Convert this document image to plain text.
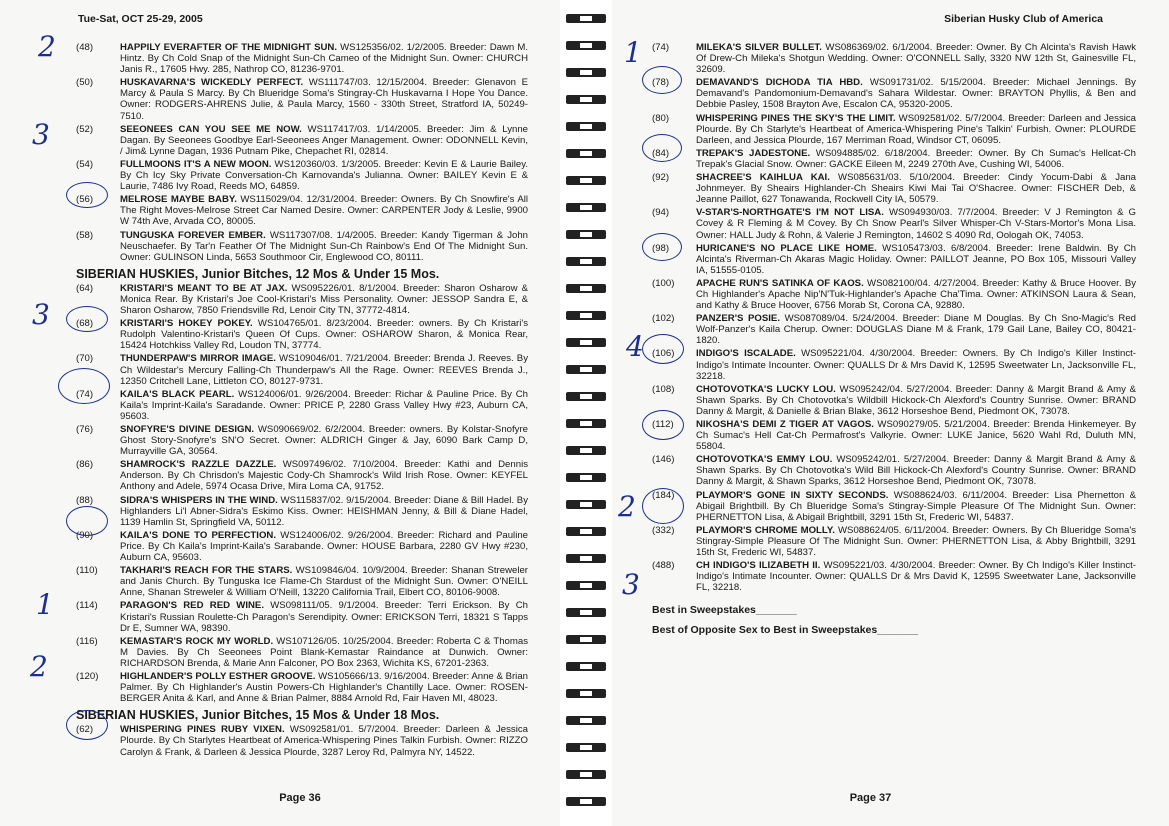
Tue-Sat, OCT 25-29, 2005
(48)	HAPPILY EVERAFTER OF THE MIDNIGHT SUN. WS125356/02. 1/2/2005. Breeder: Dawn M. Hintz. By Ch Cold Snap of the Midnight Sun-Ch Cameo of the Midnight Sun. Owner: CHURCH Janis R., 17605 Hwy. 285, Nathrop CO, 81236-9701.
(50)	HUSKAVARNA'S WICKEDLY PERFECT. WS111747/03. 12/15/2004. Breeder: Glenavon E Marcy & Paula S Marcy. By Ch Blueridge Soma's Stingray-Ch Huskavarna I Hope You Dance. Owner: RODGERS-AHRENS Julie, & Paula Marcy, 1560 - 330th Street, Stratford IA, 50249-7510.
(52)	SEEONEES CAN YOU SEE ME NOW. WS117417/03. 1/14/2005. Breeder: Jim & Lynne Dagan. By Seeonees Goodbye Earl-Seeonees Anger Management. Owner: ODONNELL Kevin, / Jim& Lynne Dagan, 1936 Putnam Pike, Chepachet RI, 02814.
(54)	FULLMOONS IT'S A NEW MOON. WS120360/03. 1/3/2005. Breeder: Kevin E & Laurie Bailey. By Ch Icy Sky Private Conversation-Ch Karnovanda's Julianna. Owner: BAILEY Kevin E & Laurie, 7486 Ivy Road, Reeds MO, 64859.
(56)	MELROSE MAYBE BABY. WS115029/04. 12/31/2004. Breeder: Owners. By Ch Snowfire's All The Right Moves-Melrose Street Car Named Desire. Owner: CARPENTER Jody & Leslie, 9900 W 74th Ave, Arvada CO, 80005.
(58)	TUNGUSKA FOREVER EMBER. WS117307/08. 1/4/2005. Breeder: Kandy Tigerman & John Neuschaefer. By Tar'n Feather Of The Midnight Sun-Ch Rainbow's End Of The Midnight Sun. Owner: GULINSON Linda, 5653 Southmoor Cir, Englewood CO, 80111.
SIBERIAN HUSKIES, Junior Bitches, 12 Mos & Under 15 Mos.
(64)	KRISTARI'S MEANT TO BE AT JAX. WS095226/01. 8/1/2004. Breeder: Sharon Osharow & Monica Rear. By Kristari's Joe Cool-Kristari's Miss Personality. Owner: JESSOP Sandra E, & Sharon Osharow, 7850 Friendsville Rd, Lenoir City TN, 37772-4814.
(68)	KRISTARI'S HOKEY POKEY. WS104765/01. 8/23/2004. Breeder: owners. By Ch Kristari's Rudolph Valentino-Kristari's Queen Of Cups. Owner: OSHAROW Sharon, & Monica Rear, 15424 Hotchkiss Valley Rd, Loudon TN, 37774.
(70)	THUNDERPAW'S MIRROR IMAGE. WS109046/01. 7/21/2004. Breeder: Brenda J. Reeves. By Ch Wildestar's Mercury Falling-Ch Thunderpaw's All the Rage. Owner: REEVES Brenda J., 12350 Critchell Lane, Littleton CO, 80127-9731.
(74)	KAILA'S BLACK PEARL. WS124006/01. 9/26/2004. Breeder: Richar & Pauline Price. By Ch Kaila's Imprint-Kaila's Saradande. Owner: PRICE P, 2280 Grass Valley Hwy #23, Auburn CA, 95603.
(76)	SNOFYRE'S DIVINE DESIGN. WS090669/02. 6/2/2004. Breeder: owners. By Kolstar-Snofyre Ghost Story-Snofyre's SN'O Secret. Owner: ALDRICH Ginger & Jay, 6090 Bark Camp D, Murrayville GA, 30564.
(86)	SHAMROCK'S RAZZLE DAZZLE. WS097496/02. 7/10/2004. Breeder: Kathi and Dennis Anderson. By Ch Chrisdon's Majestic Cody-Ch Shamrock's Wild Irish Rose. Owner: KEYFEL Anthony and Adele, 5974 Ocasa Drive, Mira Loma CA, 91752.
(88)	SIDRA'S WHISPERS IN THE WIND. WS115837/02. 9/15/2004. Breeder: Diane & Bill Hadel. By Highlanders Li'l Abner-Sidra's Eskimo Kiss. Owner: HEISHMAN Jenny, & Bill & Diane Hadel, 1139 Hamlin St, Springfield VA, 50112.
(90)	KAILA'S DONE TO PERFECTION. WS124006/02. 9/26/2004. Breeder: Richard and Pauline Price. By Ch Kaila's Imprint-Kaila's Sarabande. Owner: HOUSE Barbara, 2280 GV Hwy #230, Auburn CA, 95603.
(110)	TAKHARI'S REACH FOR THE STARS. WS109846/04. 10/9/2004. Breeder: Shanan Streweler and Janis Church. By Tunguska Ice Flame-Ch Stardust of the Midnight Sun. Owner: O'NEILL Anne, Shanan Streweler & William O'Neill, 13220 California Trail, Elbert CO, 80106-9008.
(114)	PARAGON'S RED RED WINE. WS098111/05. 9/1/2004. Breeder: Terri Erickson. By Ch Kristari's Russian Roulette-Ch Paragon's Serendipity. Owner: ERICKSON Terri, 18321 S Tapps Dr E, Sumner WA, 98390.
(116)	KEMASTAR'S ROCK MY WORLD. WS107126/05. 10/25/2004. Breeder: Roberta C & Thomas M Davies. By Ch Seeonees Point Blank-Kemastar Raindance at Dunwich. Owner: RICHARDSON Brenda, & Marie Ann Falconer, PO Box 2363, Wichita KS, 67201-2363.
(120)	HIGHLANDER'S POLLY ESTHER GROOVE. WS105666/13. 9/16/2004. Breeder: Anne & Brian Palmer. By Ch Highlander's Austin Powers-Ch Highlander's Chantilly Lace. Owner: ROSEN-BERGER Anita & Karl, and Anne & Brian Palmer, 8884 Arnold Rd, Fair Haven MI, 48023.
SIBERIAN HUSKIES, Junior Bitches, 15 Mos & Under 18 Mos.
(62)	WHISPERING PINES RUBY VIXEN. WS092581/01. 5/7/2004. Breeder: Darleen & Jessica Plourde. By Ch Starlytes Heartbeat of America-Whispering Pines Talkin Furbish. Owner: RIZZO Carolyn & Frank, & Darleen & Jessica Plourde, 3287 Leroy Rd, Palmyra NY, 14522.
Page 36
2
3
3
1
2
Siberian Husky Club of America
(74)	MILEKA'S SILVER BULLET. WS086369/02. 6/1/2004. Breeder: Owner. By Ch Alcinta's Ravish Hawk Of Drew-Ch Mileka's Shotgun Wedding. Owner: O'CONNELL Sally, 3320 NW 12th St, Gainesville FL, 32609.
(78)	DEMAVAND'S DICHODA TIA HBD. WS091731/02. 5/15/2004. Breeder: Michael Jennings. By Demavand's Pandomonium-Demavand's Sahara Wildestar. Owner: BRAYTON Phyllis, & Ben and Debbie Pasley, 1508 Brayton Ave, Escalon CA, 95320-2005.
(80)	WHISPERING PINES THE SKY'S THE LIMIT. WS092581/02. 5/7/2004. Breeder: Darleen and Jessica Plourde. By Ch Starlyte's Heartbeat of America-Whispering Pine's Talkin' Furbish. Owner: PLOURDE Darleen, and Jessica Plourde, 167 Merriman Road, Windsor CT, 06095.
(84)	TREPAK'S JADESTONE. WS094885/02. 6/18/2004. Breeder: Owner. By Ch Sumac's Hellcat-Ch Trepak's Glacial Snow. Owner: GACKE Eileen M, 2249 270th Ave, Cushing WI, 54006.
(92)	SHACREE'S KAIHLUA KAI. WS085631/03. 5/10/2004. Breeder: Cindy Yocum-Dabi & Jana Johnmeyer. By Sheairs Highlander-Ch Sheairs Kiwi Mai Tai O'Shacree. Owner: FISCHER Deb, & Jeanne Paillot, 627 Tonawanda, Rockwell City IA, 50579.
(94)	V-STAR'S-NORTHGATE'S I'M NOT LISA. WS094930/03. 7/7/2004. Breeder: V J Remington & G Covey & R Fleming & M Covey. By Ch Snow Pearl's Silver Whisper-Ch V-Stars-Mortor's Mona Lisa. Owner: HALL Judy & Rohn, & Valerie J Remington, 14602 S 4090 Rd, Oologah OK, 74053.
(98)	HURICANE'S NO PLACE LIKE HOME. WS105473/03. 6/8/2004. Breeder: Irene Baldwin. By Ch Alcinta's Riverman-Ch Akaras Magic Holiday. Owner: PAILLOT Jeanne, PO Box 105, Missouri Valley IA, 51555-0105.
(100)	APACHE RUN'S SATINKA OF KAOS. WS082100/04. 4/27/2004. Breeder: Kathy & Bruce Hoover. By Ch Highlander's Apache Nip'N'Tuk-Highlander's Apache Cha'Tima. Owner: ATKINSON Laura & Sean, and Kathy & Bruce Hoover, 6756 Morab St, Corona CA, 92880.
(102)	PANZER'S POSIE. WS087089/04. 5/24/2004. Breeder: Diane M Douglas. By Ch Sno-Magic's Red Wolf-Panzer's Kaila Cherup. Owner: DOUGLAS Diane M & Frank, 179 Gail Lane, Bailey CO, 80421-1820.
(106)	INDIGO'S ISCALADE. WS095221/04. 4/30/2004. Breeder: Owners. By Ch Indigo's Killer Instinct-Indigo's Intimate Incounter. Owner: QUALLS Dr & Mrs David K, 12595 Sweetwater Ln, Jacksonville FL, 32218.
(108)	CHOTOVOTKA'S LUCKY LOU. WS095242/04. 5/27/2004. Breeder: Danny & Margit Brand & Amy & Shawn Sparks. By Ch Chotovotka's Wildbill Hickock-Ch Alexford's Country Sunrise. Owner: BRAND Danny & Margit, & Danielle & Brian Blake, 3612 Horseshoe Bend, Piedmont OK, 73078.
(112)	NIKOSHA'S DEMI Z TIGER AT VAGOS. WS090279/05. 5/21/2004. Breeder: Brenda Hinkemeyer. By Ch Sumac's Hell Cat-Ch Permafrost's Valkyrie. Owner: LUKE Janice, 5620 Wahl Rd, Duluth MN, 55804.
(146)	CHOTOVOTKA'S EMMY LOU. WS095242/01. 5/27/2004. Breeder: Danny & Margit Brand & Amy & Shawn Sparks. By Ch Chotovotka's Wild Bill Hickock-Ch Alexford's Country Sunrise. Owner: BRAND Danny & Margit, & Shawn Sparks, 3612 Horseshoe Bend, Piedmont OK, 73078.
(184)	PLAYMOR'S GONE IN SIXTY SECONDS. WS088624/03. 6/11/2004. Breeder: Lisa Phernetton & Abigail Brightbill. By Ch Blueridge Soma's Stingray-Simple Pleasure Of The Midnight Sun. Owner: PHERNETTON Lisa, & Abigail Brightbill, 3291 15th St, Frederic WI, 54837.
(332)	PLAYMOR'S CHROME MOLLY. WS088624/05. 6/11/2004. Breeder: Owners. By Ch Blueridge Soma's Stingray-Simple Pleasure Of The Midnight Sun. Owner: PHERNETTON Lisa, & Abby Brightbill, 3291 15th St, Frederic WI, 54837.
(488)	CH INDIGO'S ILIZABETH II. WS095221/03. 4/30/2004. Breeder: Owner. By Ch Indigo's Killer Instinct-Indigo's Intimate Incounter. Owner: QUALLS Dr & Mrs David K, 12595 Sweetwater Lane, Jacksonville FL, 32218.
Best in Sweepstakes_______
Best of Opposite Sex to Best in Sweepstakes_______
Page 37
1
4
2
3
